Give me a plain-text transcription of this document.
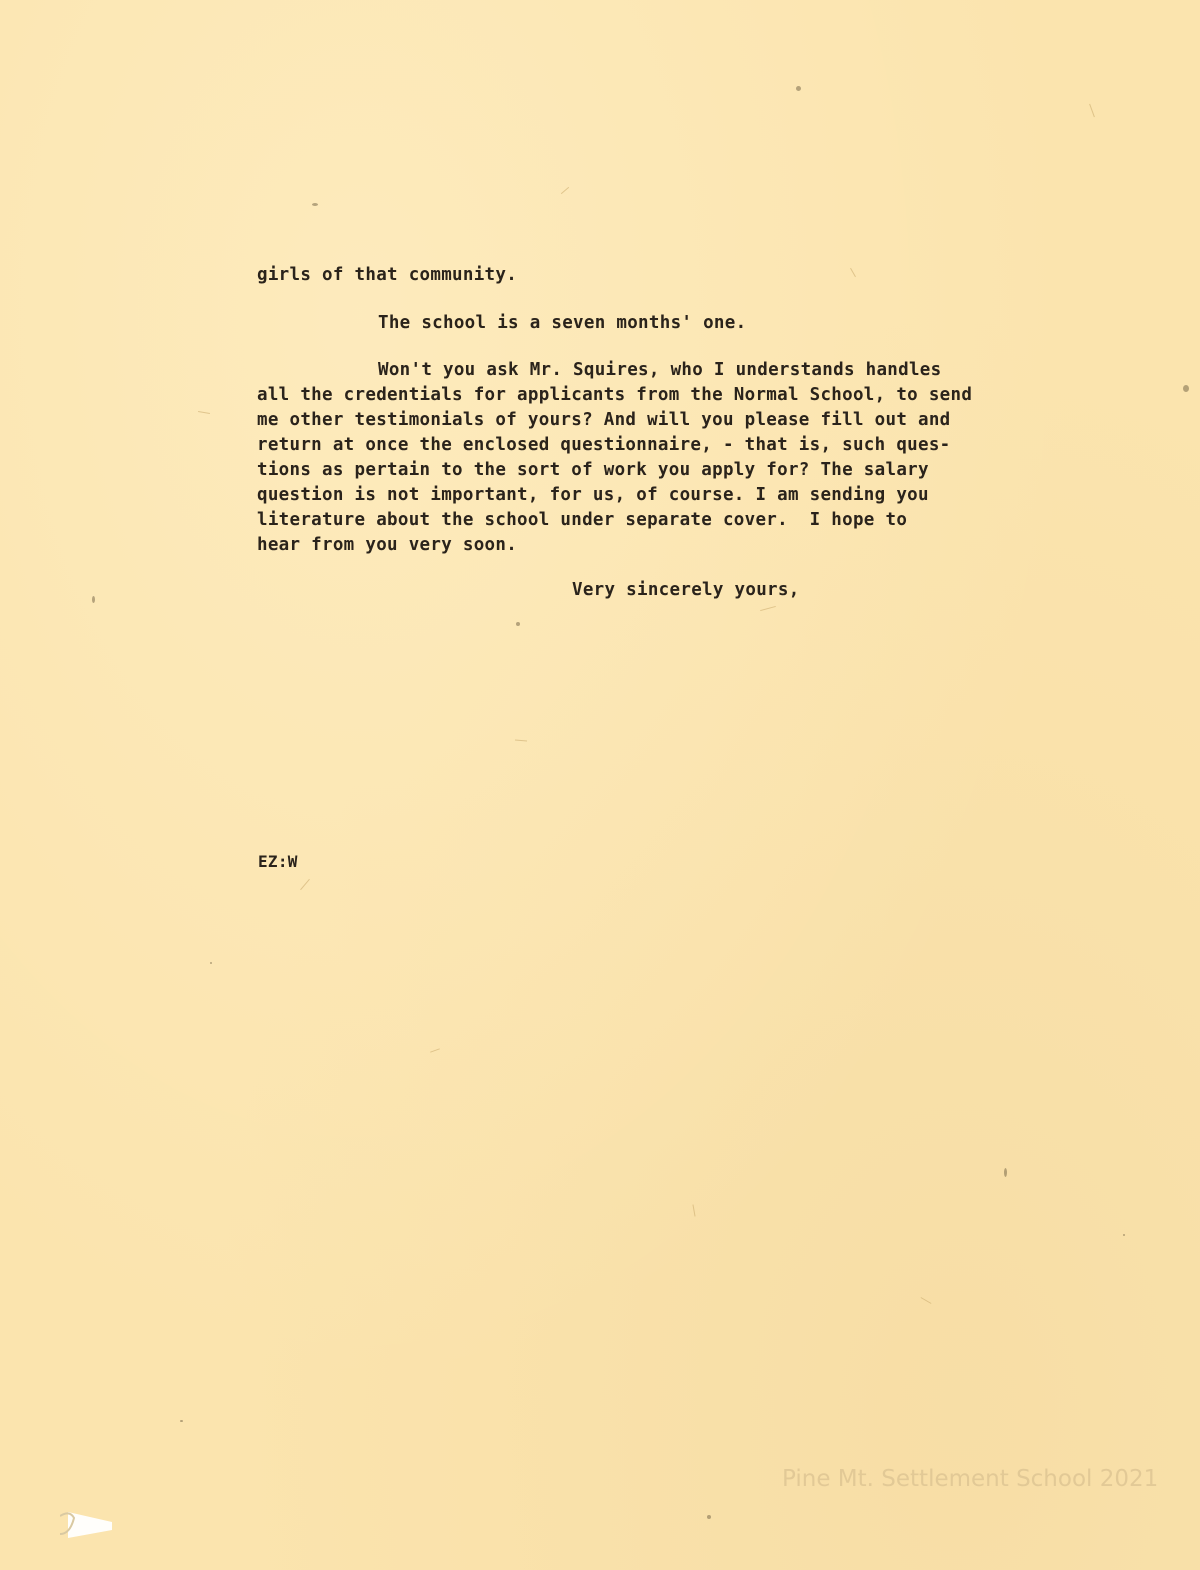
girls of that community.

The school is a seven months' one.

Won't you ask Mr. Squires, who I understands handles

all the credentials for applicants from the Normal School, to send

me other testimonials of yours? And will you please fill out and

return at once the enclosed questionnaire, - that is, such ques-

tions as pertain to the sort of work you apply for? The salary

question is not important, for us, of course. I am sending you

literature about the school under separate cover.  I hope to

hear from you very soon.

Very sincerely yours,

EZ:W

Pine Mt. Settlement School 2021
